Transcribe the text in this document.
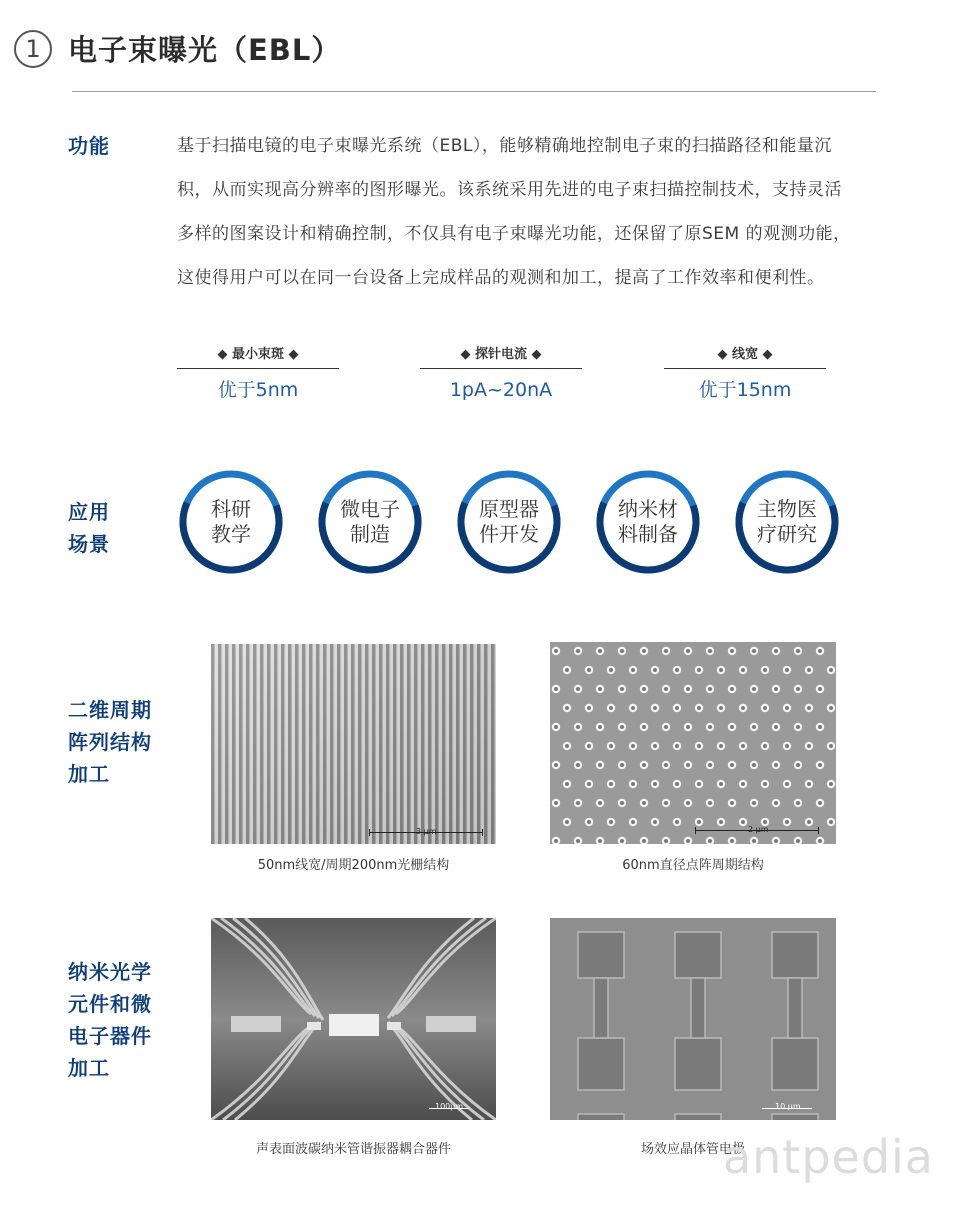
1 电子束曝光（EBL）
功能	基于扫描电镜的电子束曝光系统（EBL），能够精确地控制电子束的扫描路径和能量沉
积，从而实现高分辨率的图形曝光。该系统采用先进的电子束扫描控制技术，支持灵活
多样的图案设计和精确控制，不仅具有电子束曝光功能，还保留了原SEM 的观测功能，
这使得用户可以在同一台设备上完成样品的观测和加工，提高了工作效率和便利性。
◆ 最小束斑 ◆
优于5nm
◆ 探针电流 ◆
1pA~20nA
◆ 线宽 ◆
优于15nm
应用
场景
科研
教学
微电子
制造
原型器
件开发
纳米材
料制备
主物医
疗研究
二维周期
阵列结构
加工
3 μm
50nm线宽/周期200nm光栅结构
2 μm
60nm直径点阵周期结构
纳米光学
元件和微
电子器件
加工
100μm
声表面波碳纳米管谐振器耦合器件
10 μm
场效应晶体管电极
antpedia
